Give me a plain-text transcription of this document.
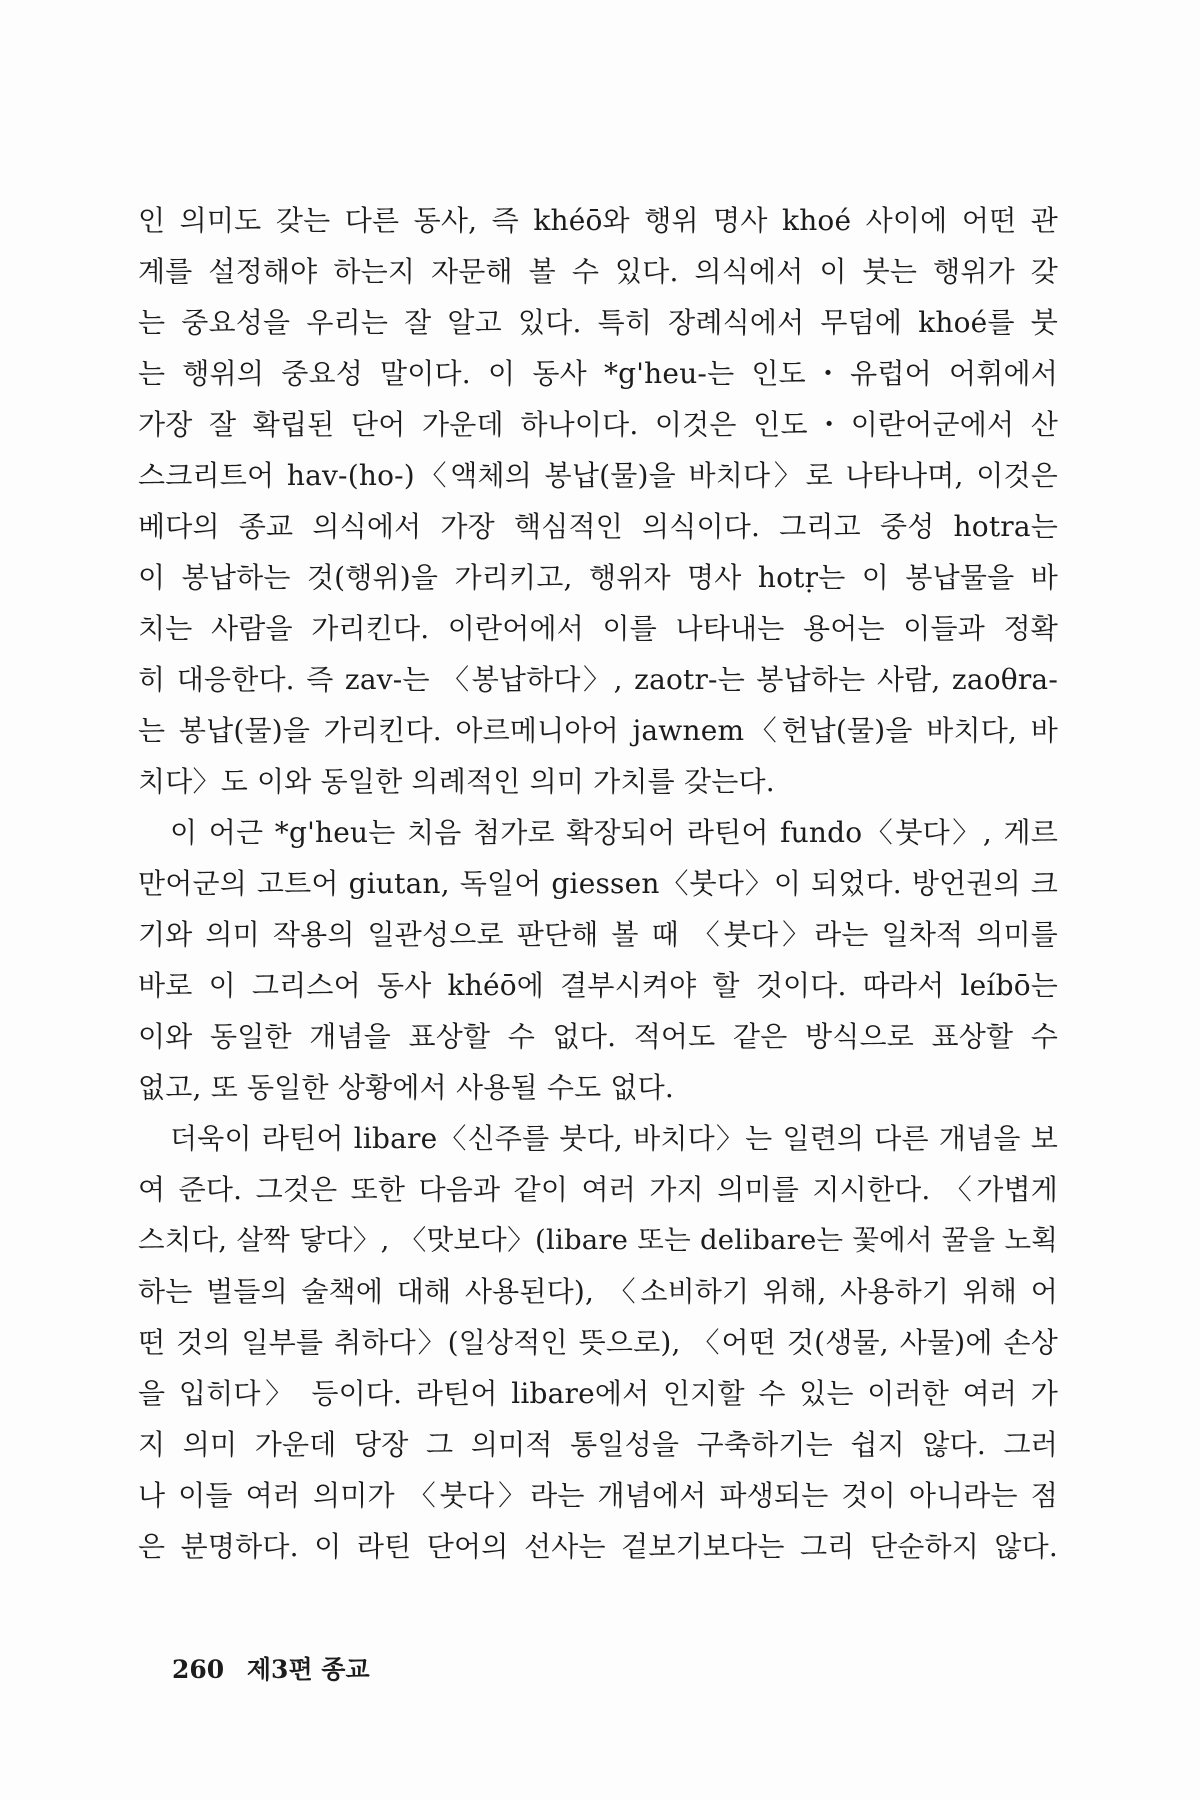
인 의미도 갖는 다른 동사, 즉 khéō와 행위 명사 khoé 사이에 어떤 관
계를 설정해야 하는지 자문해 볼 수 있다. 의식에서 이 붓는 행위가 갖
는 중요성을 우리는 잘 알고 있다. 특히 장례식에서 무덤에 khoé를 붓
는 행위의 중요성 말이다. 이 동사 *g'heu-는 인도・유럽어 어휘에서
가장 잘 확립된 단어 가운데 하나이다. 이것은 인도・이란어군에서 산
스크리트어 hav-(ho-)〈액체의 봉납(물)을 바치다〉로 나타나며, 이것은
베다의 종교 의식에서 가장 핵심적인 의식이다. 그리고 중성 hotra는
이 봉납하는 것(행위)을 가리키고, 행위자 명사 hotṛ는 이 봉납물을 바
치는 사람을 가리킨다. 이란어에서 이를 나타내는 용어는 이들과 정확
히 대응한다. 즉 zav-는 〈봉납하다〉, zaotr-는 봉납하는 사람, zaoθra-
는 봉납(물)을 가리킨다. 아르메니아어 jawnem〈헌납(물)을 바치다, 바
치다〉도 이와 동일한 의례적인 의미 가치를 갖는다.
이 어근 *g'heu는 치음 첨가로 확장되어 라틴어 fundo〈붓다〉, 게르
만어군의 고트어 giutan, 독일어 giessen〈붓다〉이 되었다. 방언권의 크
기와 의미 작용의 일관성으로 판단해 볼 때 〈붓다〉라는 일차적 의미를
바로 이 그리스어 동사 khéō에 결부시켜야 할 것이다. 따라서 leíbō는
이와 동일한 개념을 표상할 수 없다. 적어도 같은 방식으로 표상할 수
없고, 또 동일한 상황에서 사용될 수도 없다.
더욱이 라틴어 libare〈신주를 붓다, 바치다〉는 일련의 다른 개념을 보
여 준다. 그것은 또한 다음과 같이 여러 가지 의미를 지시한다. 〈가볍게
스치다, 살짝 닿다〉, 〈맛보다〉(libare 또는 delibare는 꽃에서 꿀을 노획
하는 벌들의 술책에 대해 사용된다), 〈소비하기 위해, 사용하기 위해 어
떤 것의 일부를 취하다〉(일상적인 뜻으로), 〈어떤 것(생물, 사물)에 손상
을 입히다〉 등이다. 라틴어 libare에서 인지할 수 있는 이러한 여러 가
지 의미 가운데 당장 그 의미적 통일성을 구축하기는 쉽지 않다. 그러
나 이들 여러 의미가 〈붓다〉라는 개념에서 파생되는 것이 아니라는 점
은 분명하다. 이 라틴 단어의 선사는 겉보기보다는 그리 단순하지 않다.
260 제3편 종교
